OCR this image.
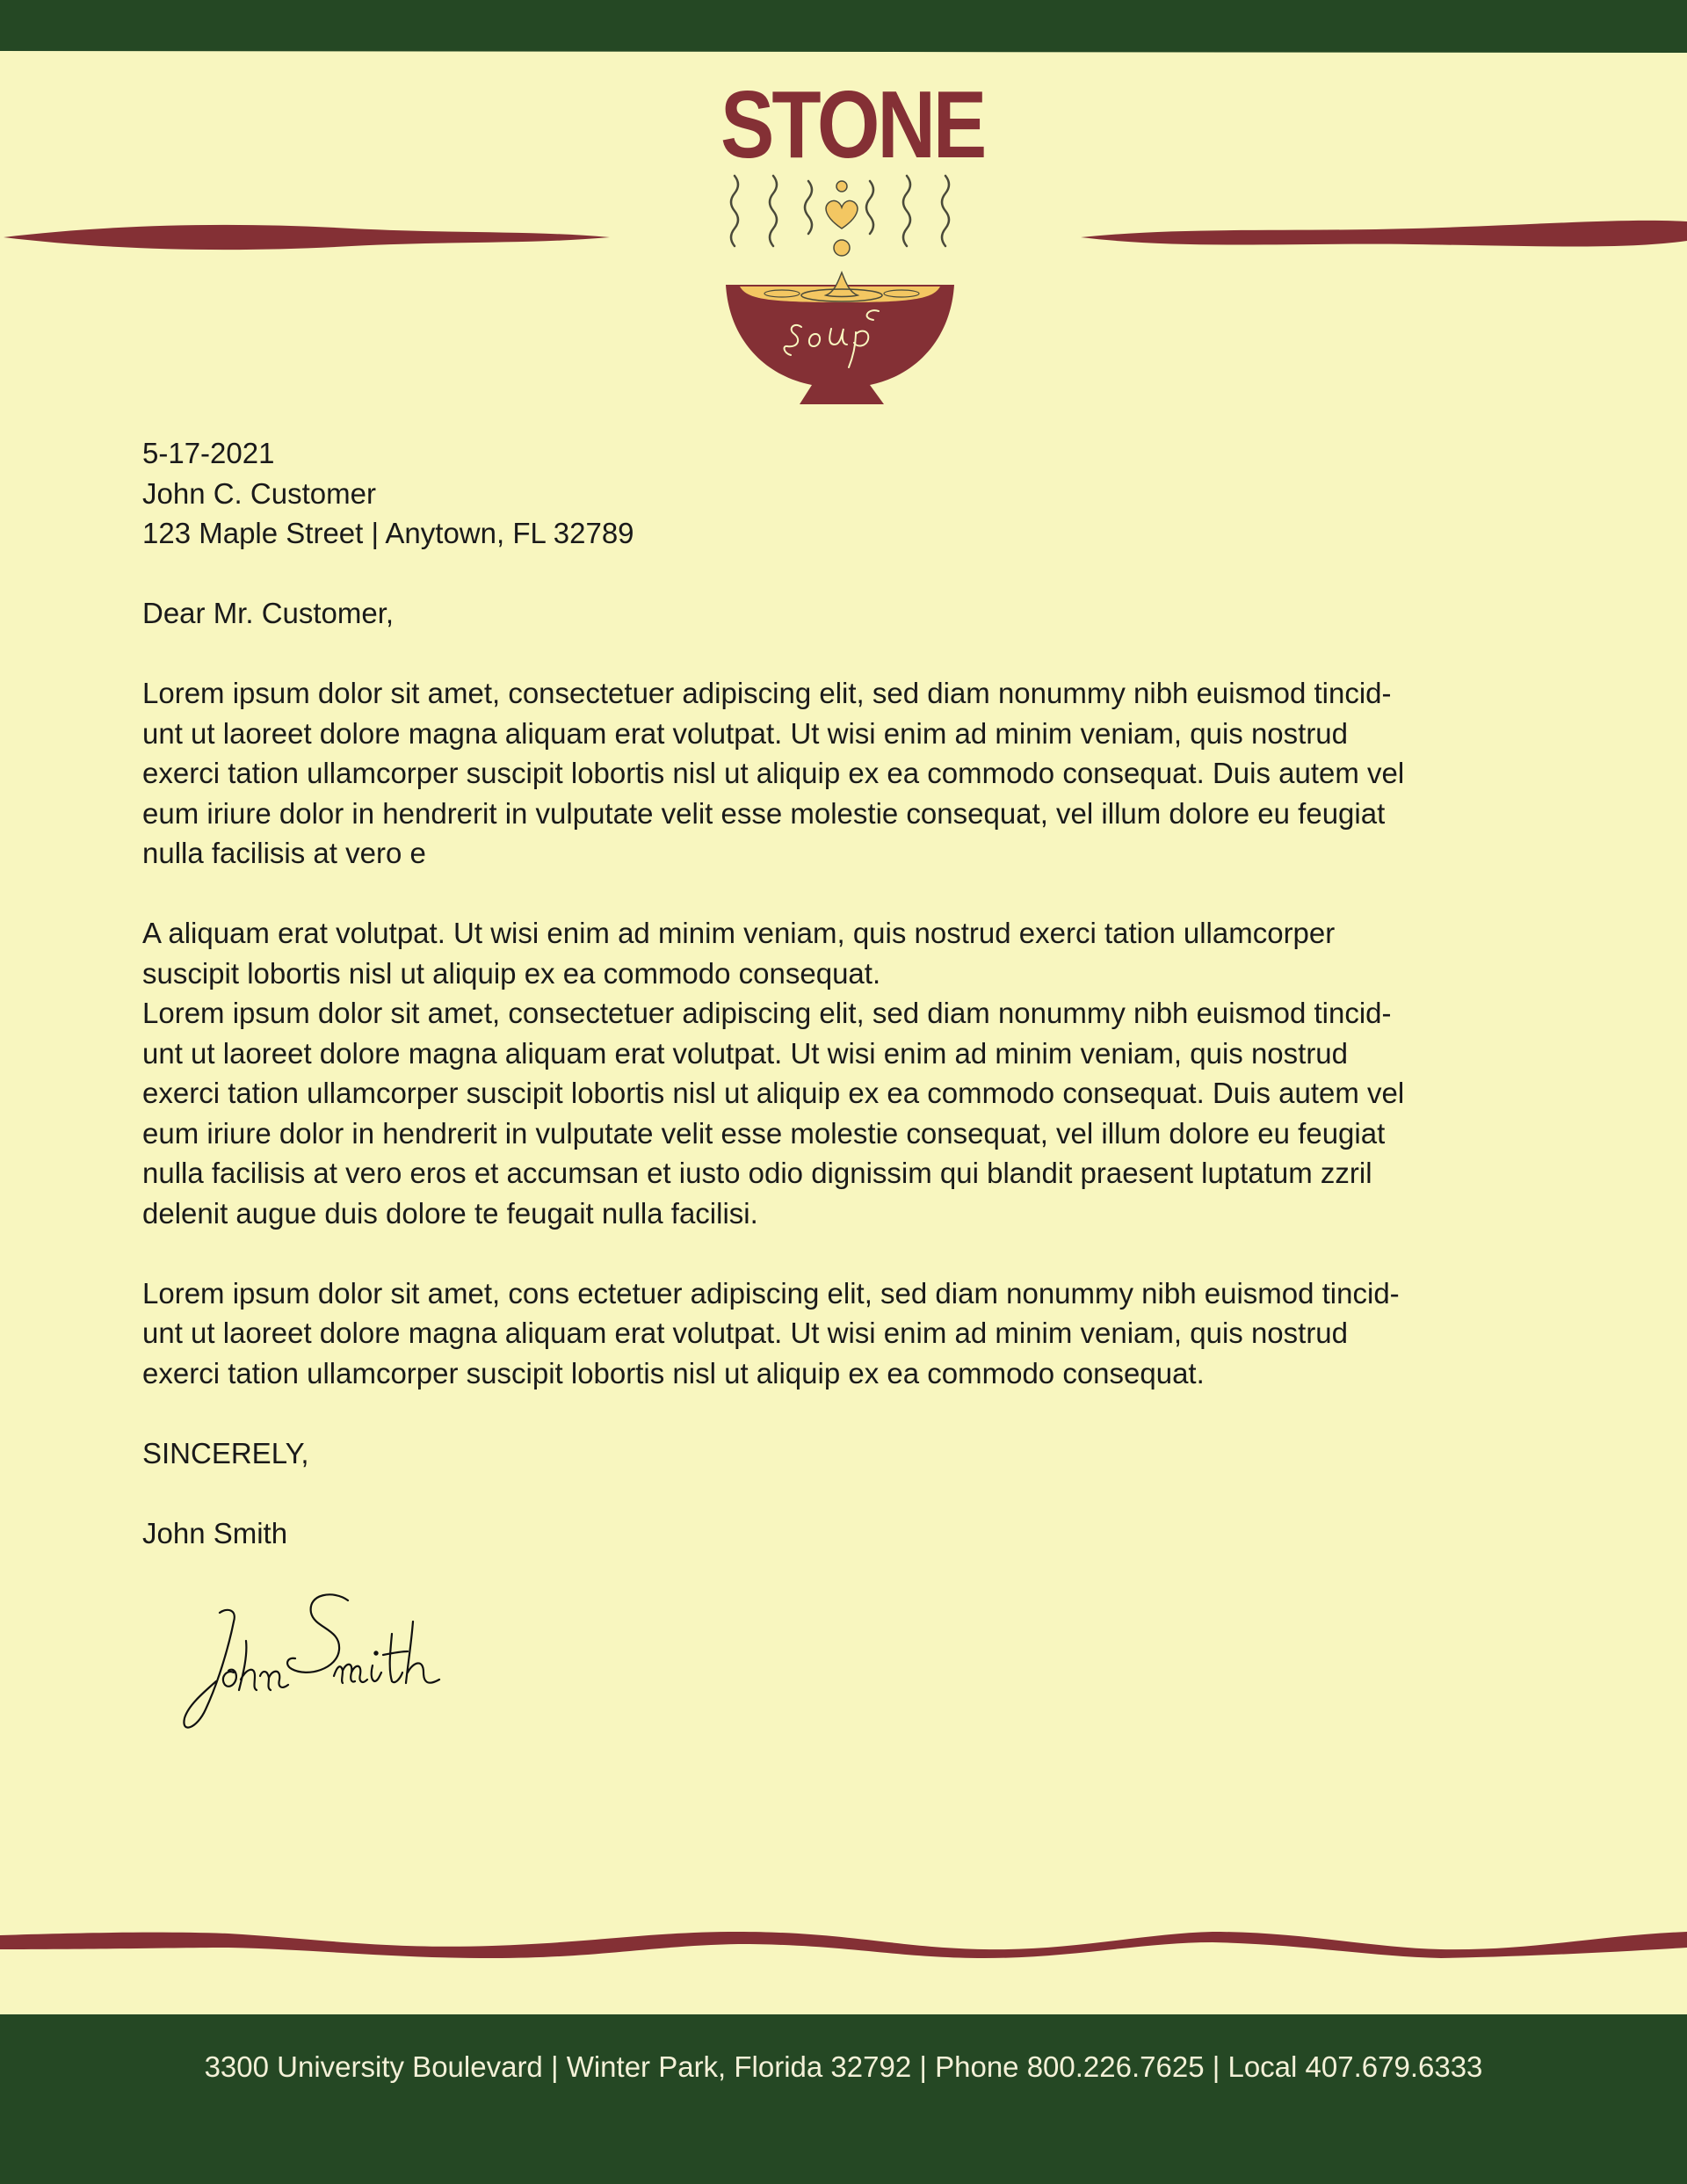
STONE

5-17-2021

John C. Customer

123 Maple Street | Anytown, FL 32789

Dear Mr. Customer,

Lorem ipsum dolor sit amet, consectetuer adipiscing elit, sed diam nonummy nibh euismod tincid-

unt ut laoreet dolore magna aliquam erat volutpat. Ut wisi enim ad minim veniam, quis nostrud

exerci tation ullamcorper suscipit lobortis nisl ut aliquip ex ea commodo consequat. Duis autem vel

eum iriure dolor in hendrerit in vulputate velit esse molestie consequat, vel illum dolore eu feugiat

nulla facilisis at vero e

A aliquam erat volutpat. Ut wisi enim ad minim veniam, quis nostrud exerci tation ullamcorper

suscipit lobortis nisl ut aliquip ex ea commodo consequat.

Lorem ipsum dolor sit amet, consectetuer adipiscing elit, sed diam nonummy nibh euismod tincid-

unt ut laoreet dolore magna aliquam erat volutpat. Ut wisi enim ad minim veniam, quis nostrud

exerci tation ullamcorper suscipit lobortis nisl ut aliquip ex ea commodo consequat. Duis autem vel

eum iriure dolor in hendrerit in vulputate velit esse molestie consequat, vel illum dolore eu feugiat

nulla facilisis at vero eros et accumsan et iusto odio dignissim qui blandit praesent luptatum zzril

delenit augue duis dolore te feugait nulla facilisi.

Lorem ipsum dolor sit amet, cons ectetuer adipiscing elit, sed diam nonummy nibh euismod tincid-

unt ut laoreet dolore magna aliquam erat volutpat. Ut wisi enim ad minim veniam, quis nostrud

exerci tation ullamcorper suscipit lobortis nisl ut aliquip ex ea commodo consequat.

SINCERELY,

John Smith

3300 University Boulevard | Winter Park, Florida 32792 | Phone 800.226.7625 | Local 407.679.6333
